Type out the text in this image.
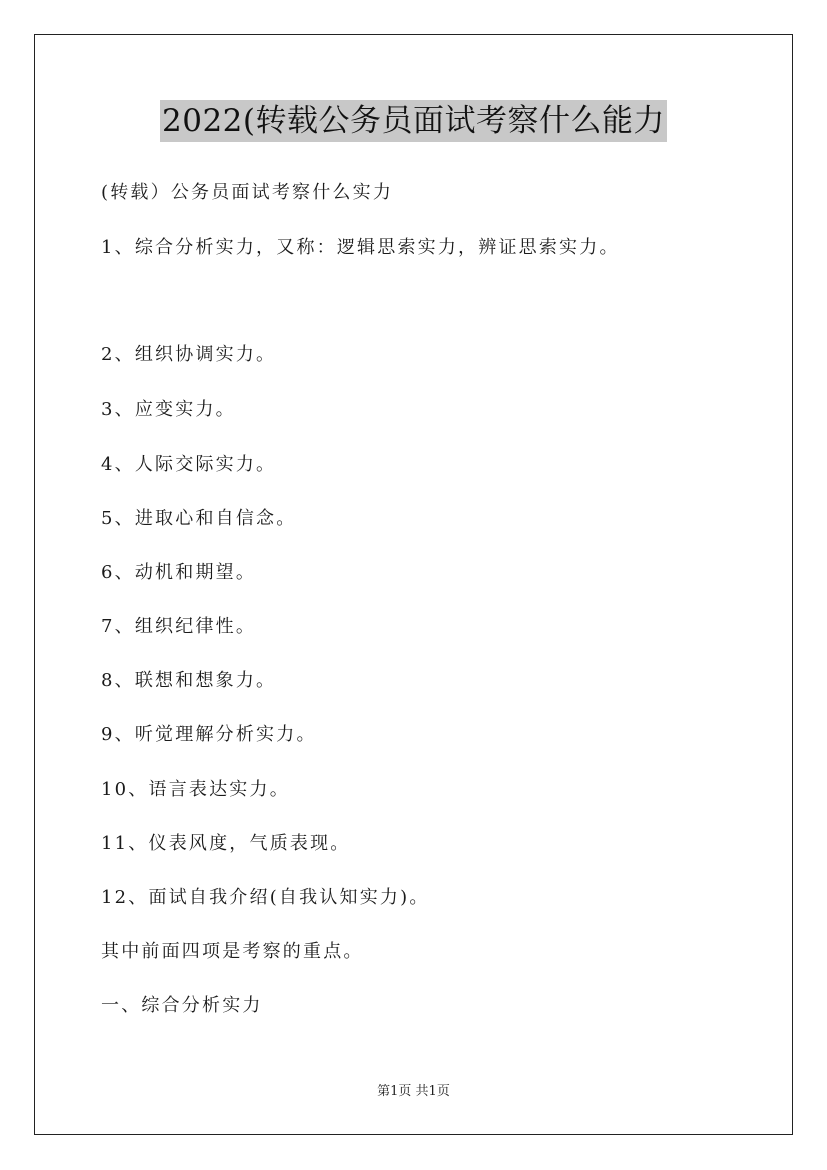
2022(转载公务员面试考察什么能力
(转载）公务员面试考察什么实力
1、综合分析实力，又称：逻辑思索实力，辨证思索实力。
2、组织协调实力。
3、应变实力。
4、人际交际实力。
5、进取心和自信念。
6、动机和期望。
7、组织纪律性。
8、联想和想象力。
9、听觉理解分析实力。
10、语言表达实力。
11、仪表风度，气质表现。
12、面试自我介绍(自我认知实力)。
其中前面四项是考察的重点。
一、综合分析实力
第1页 共1页
